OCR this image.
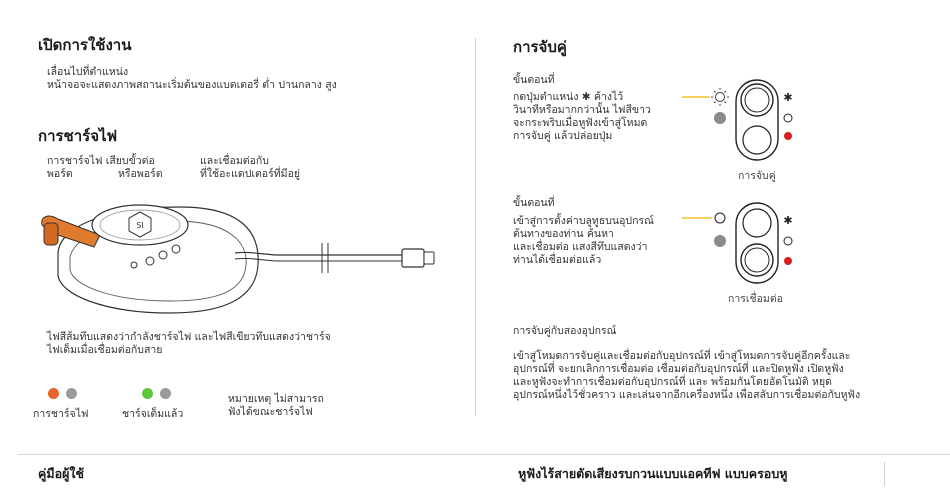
เปิดการใช้งาน
เลื่อนไปที่ตำแหน่ง
หน้าจอจะแสดงภาพสถานะเริ่มต้นของแบตเตอรี่ ต่ำ ปานกลาง สูง
การชาร์จไฟ
การชาร์จไฟ เสียบขั้วต่อ
พอร์ต	หรือพอร์ต
และเชื่อมต่อกับ
ที่ใช้อะแดปเตอร์ที่มีอยู่
SI
ไฟสีส้มทึบแสดงว่ากำลังชาร์จไฟ และไฟสีเขียวทึบแสดงว่าชาร์จ
ไฟเต็มเมื่อเชื่อมต่อกับสาย
การชาร์จไฟ	ชาร์จเต็มแล้ว
หมายเหตุ ไม่สามารถ
ฟังได้ขณะชาร์จไฟ
การจับคู่
ขั้นตอนที่
กดปุ่มตำแหน่ง ✱ ค้างไว้
วินาทีหรือมากกว่านั้น ไฟสีขาว
จะกระพริบเมื่อหูฟังเข้าสู่โหมด
การจับคู่ แล้วปล่อยปุ่ม
✱
การจับคู่
ขั้นตอนที่
เข้าสู่การตั้งค่าบลูทูธบนอุปกรณ์
ต้นทางของท่าน ค้นหา
และเชื่อมต่อ แสงสีทึบแสดงว่า
ท่านได้เชื่อมต่อแล้ว
✱
การเชื่อมต่อ
การจับคู่กับสองอุปกรณ์
เข้าสู่โหมดการจับคู่และเชื่อมต่อกับอุปกรณ์ที่ เข้าสู่โหมดการจับคู่อีกครั้งและ
อุปกรณ์ที่ จะยกเลิกการเชื่อมต่อ เชื่อมต่อกับอุปกรณ์ที่ และปิดหูฟัง เปิดหูฟัง
และหูฟังจะทำการเชื่อมต่อกับอุปกรณ์ที่ และ พร้อมกันโดยอัตโนมัติ หยุด
อุปกรณ์หนึ่งไว้ชั่วคราว และเล่นจากอีกเครื่องหนึ่ง เพื่อสลับการเชื่อมต่อกับหูฟัง
คู่มือผู้ใช้	หูฟังไร้สายตัดเสียงรบกวนแบบแอคทีฟ แบบครอบหู
